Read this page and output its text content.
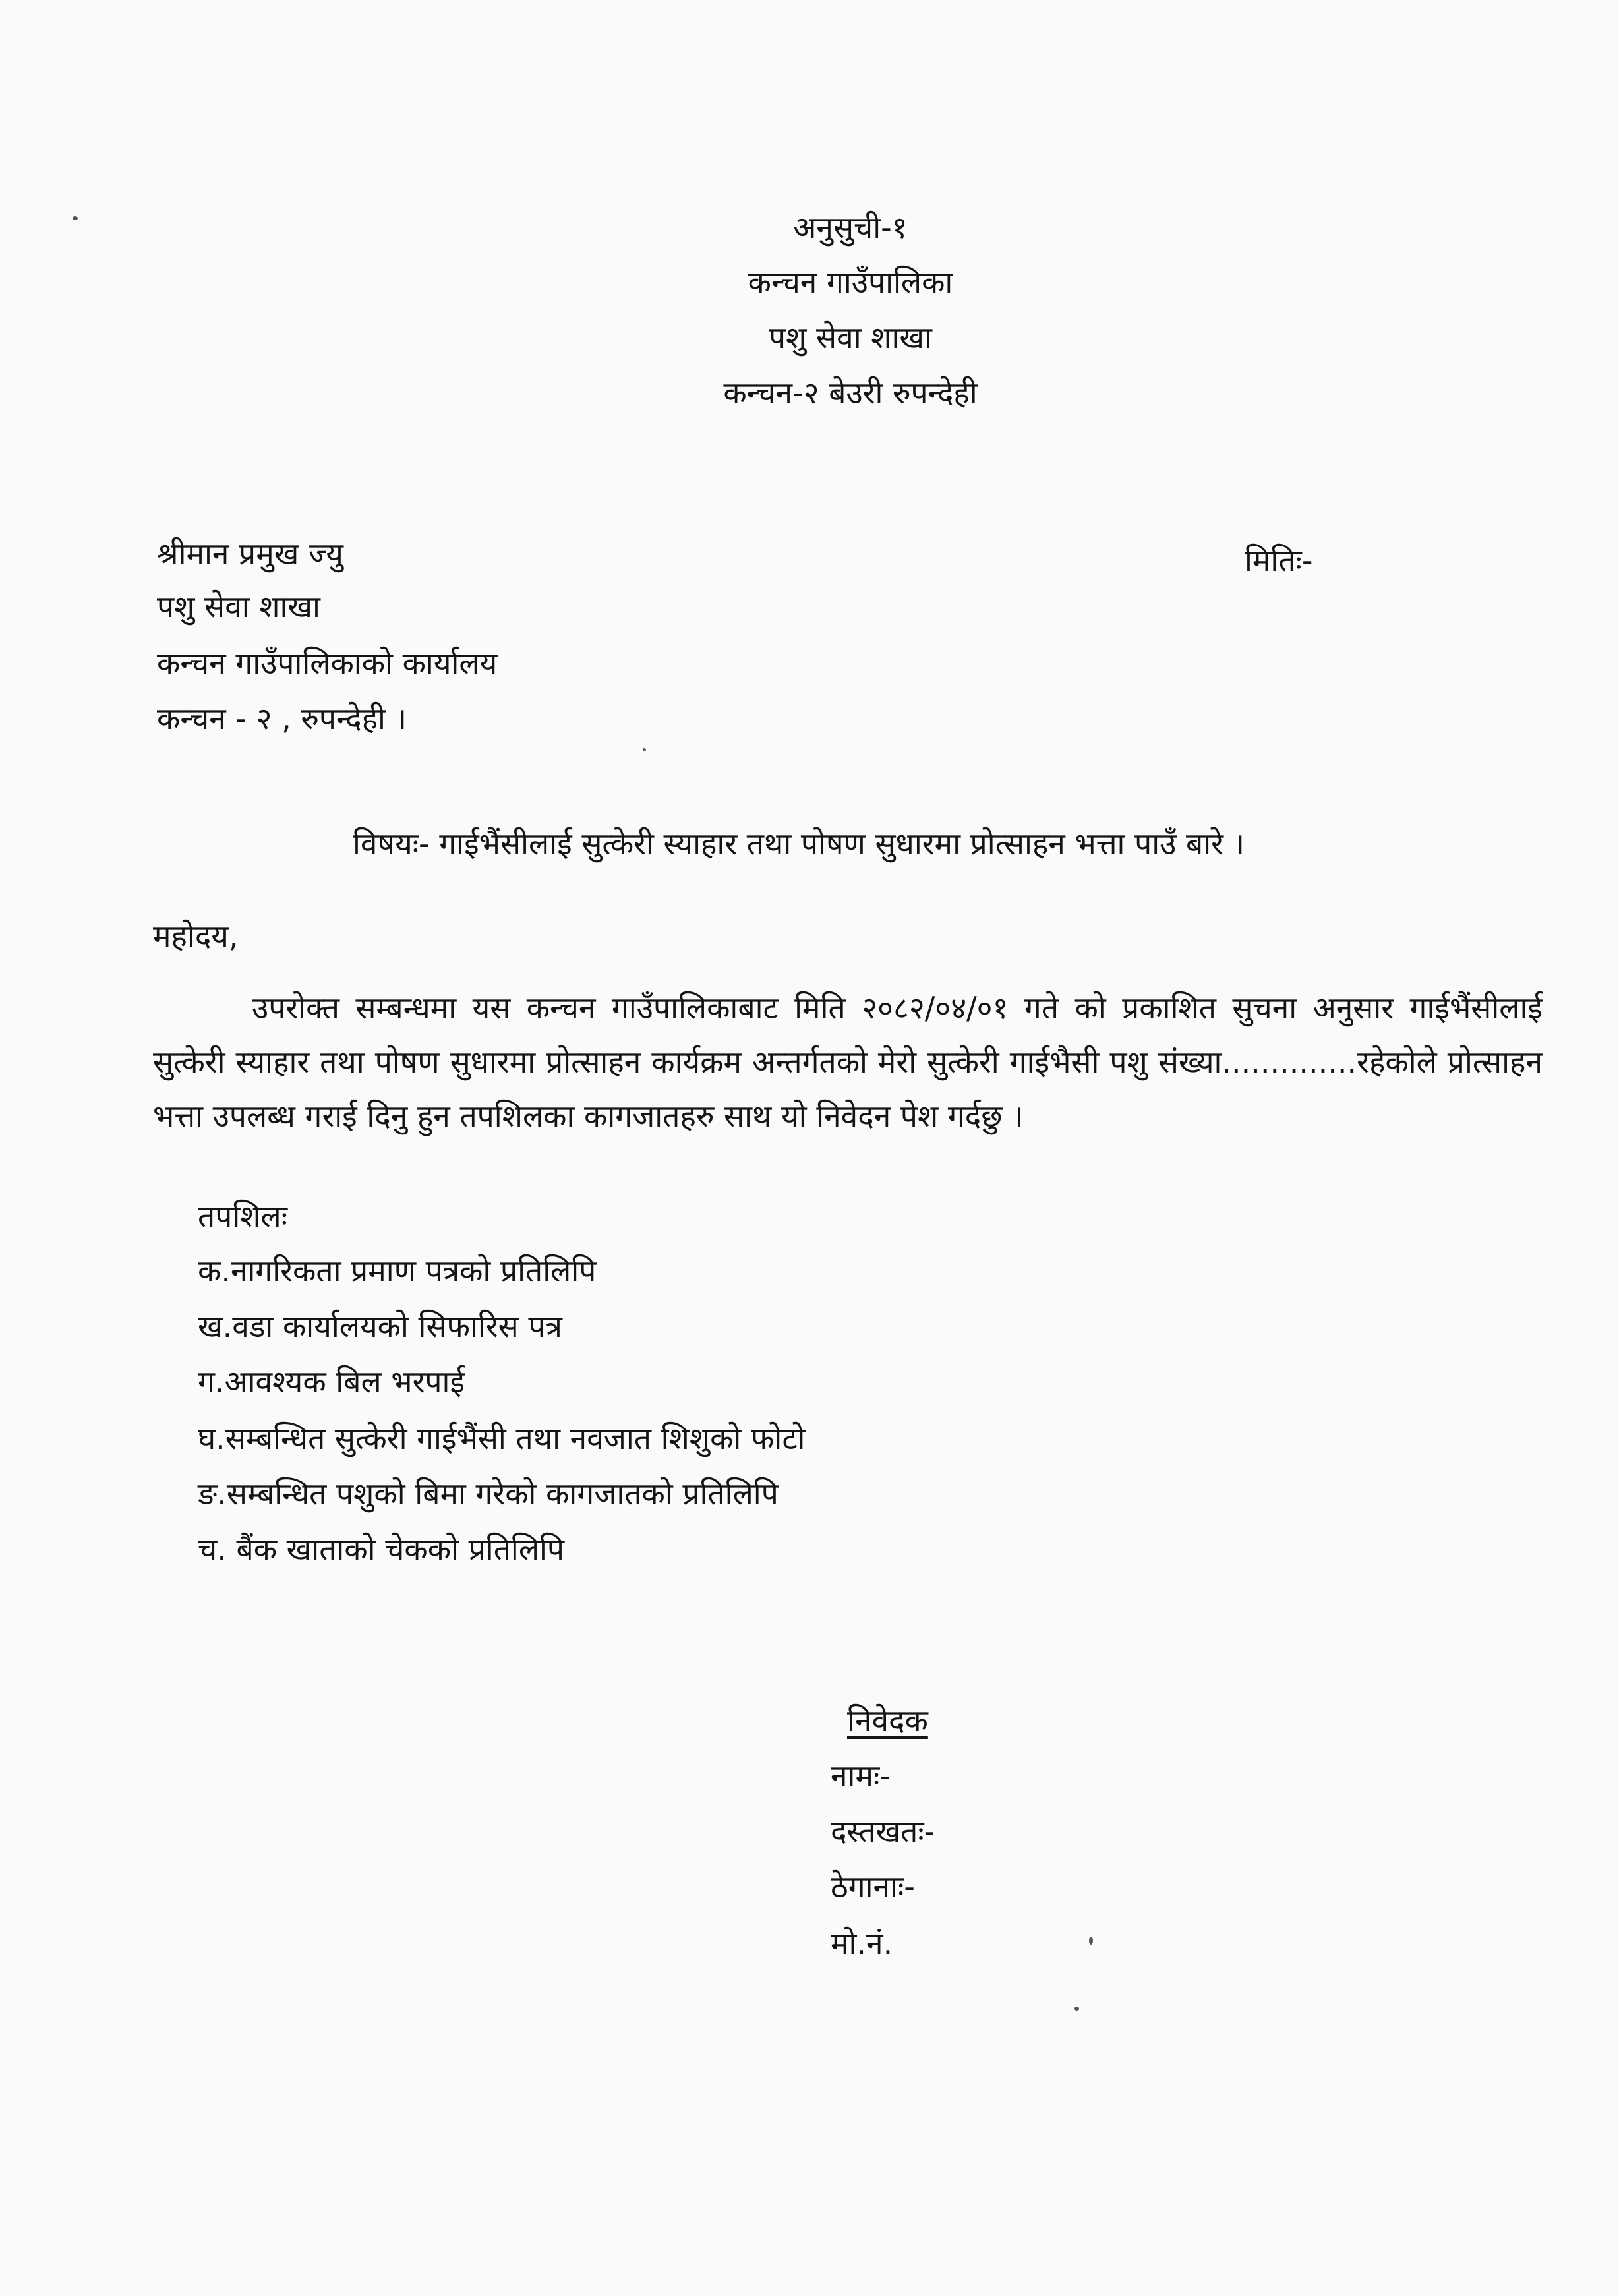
अनुसुची-१

कन्चन गाउँपालिका

पशु सेवा शाखा

कन्चन-२ बेउरी रुपन्देही

श्रीमान प्रमुख ज्यु	मितिः-

पशु सेवा शाखा

कन्चन गाउँपालिकाको कार्यालय

कन्चन - २ , रुपन्देही ।

विषयः- गाईभैंसीलाई सुत्केरी स्याहार तथा पोषण सुधारमा प्रोत्साहन भत्ता पाउँ बारे ।

महोदय,

उपरोक्त सम्बन्धमा यस कन्चन गाउँपालिकाबाट मिति २०८२/०४/०१ गते को प्रकाशित सुचना अनुसार गाईभैंसीलाई सुत्केरी स्याहार तथा पोषण सुधारमा प्रोत्साहन कार्यक्रम अन्तर्गतको मेरो सुत्केरी गाईभैसी पशु संख्या..............रहेकोले प्रोत्साहन भत्ता उपलब्ध गराई दिनु हुन तपशिलका कागजातहरु साथ यो निवेदन पेश गर्दछु ।

तपशिलः

क.नागरिकता प्रमाण पत्रको प्रतिलिपि

ख.वडा कार्यालयको सिफारिस पत्र

ग.आवश्यक बिल भरपाई

घ.सम्बन्धित सुत्केरी गाईभैंसी तथा नवजात शिशुको फोटो

ङ.सम्बन्धित पशुको बिमा गरेको कागजातको प्रतिलिपि

च. बैंक खाताको चेकको प्रतिलिपि

निवेदक

नामः-

दस्तखतः-

ठेगानाः-

मो.नं.
